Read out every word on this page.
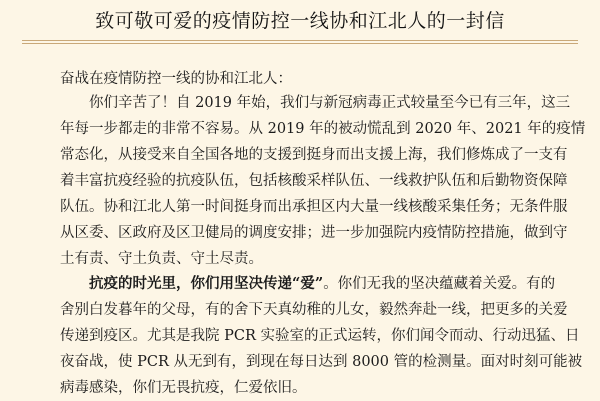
致可敬可爱的疫情防控一线协和江北人的一封信
奋战在疫情防控一线的协和江北人：
你们辛苦了！自 2019 年始，我们与新冠病毒正式较量至今已有三年，这三
年每一步都走的非常不容易。从 2019 年的被动慌乱到 2020 年、2021 年的疫情
常态化，从接受来自全国各地的支援到挺身而出支援上海，我们修炼成了一支有
着丰富抗疫经验的抗疫队伍，包括核酸采样队伍、一线救护队伍和后勤物资保障
队伍。协和江北人第一时间挺身而出承担区内大量一线核酸采集任务；无条件服
从区委、区政府及区卫健局的调度安排；进一步加强院内疫情防控措施，做到守
土有责、守土负责、守土尽责。
抗疫的时光里，你们用坚决传递“爱”。你们无我的坚决蕴藏着关爱。有的
舍别白发暮年的父母，有的舍下天真幼稚的儿女，毅然奔赴一线，把更多的关爱
传递到疫区。尤其是我院 PCR 实验室的正式运转，你们闻令而动、行动迅猛、日
夜奋战，使 PCR 从无到有，到现在每日达到 8000 管的检测量。面对时刻可能被
病毒感染，你们无畏抗疫，仁爱依旧。
